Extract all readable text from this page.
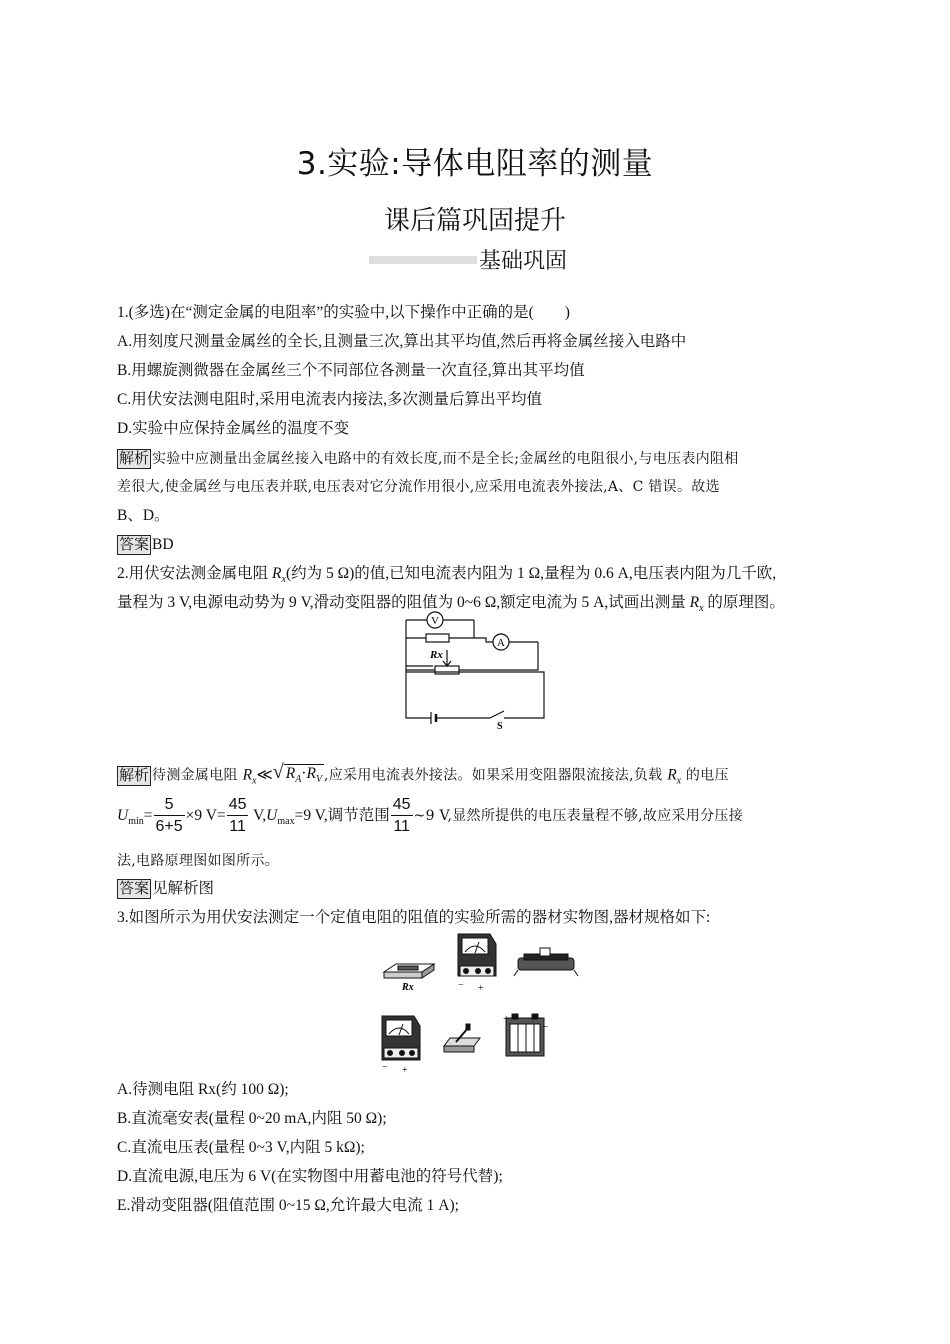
3.实验:导体电阻率的测量
课后篇巩固提升
基础巩固
1.(多选)在“测定金属的电阻率”的实验中,以下操作中正确的是(　　)
A.用刻度尺测量金属丝的全长,且测量三次,算出其平均值,然后再将金属丝接入电路中
B.用螺旋测微器在金属丝三个不同部位各测量一次直径,算出其平均值
C.用伏安法测电阻时,采用电流表内接法,多次测量后算出平均值
D.实验中应保持金属丝的温度不变
解析 实验中应测量出金属丝接入电路中的有效长度,而不是全长;金属丝的电阻很小,与电压表内阻相
差很大,使金属丝与电压表并联,电压表对它分流作用很小,应采用电流表外接法,A、C 错误。故选
B、D。
答案 BD
2.用伏安法测金属电阻 $R_x$(约为 5 Ω)的值,已知电流表内阻为 1 Ω,量程为 0.6 A,电压表内阻为几千欧,
量程为 3 V,电源电动势为 9 V,滑动变阻器的阻值为 0~6 Ω,额定电流为 5 A,试画出测量 $R_x$ 的原理图。
V
A
Rx
S
解析 待测金属电阻 $R_x≪√$ $R_A\cdot R_V$ ,应采用电流表外接法。如果采用变阻器限流接法,负载 $R_x$ 的电压
$U_{min}= \frac{5}{6+5} \times 9$ $V= \frac{45}{11} V,U_{max}=9$ V,调节范围 $\frac{45}{11}$ ~9 V,显然所提供的电压表量程不够,故应采用分压接
法,电路原理图如图所示。
答案 见解析图
3.如图所示为用伏安法测定一个定值电阻的阻值的实验所需的器材实物图,器材规格如下:
Rx	− +
− +
+
−
A.待测电阻 Rx(约 100 Ω);
B.直流毫安表(量程 0~20 mA,内阻 50 Ω);
C.直流电压表(量程 0~3 V,内阻 5 kΩ);
D.直流电源,电压为 6 V(在实物图中用蓄电池的符号代替);
E.滑动变阻器(阻值范围 0~15 Ω,允许最大电流 1 A);
